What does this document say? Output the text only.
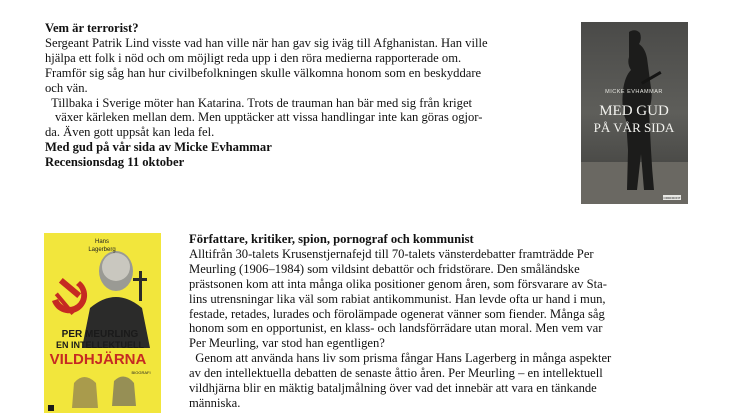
Vem är terrorist?

Sergeant Patrik Lind visste vad han ville när han gav sig iväg till Afghanistan. Han ville

hjälpa ett folk i nöd och om möjligt reda upp i den röra medierna rapporterade om.

Framför sig såg han hur civilbefolkningen skulle välkomna honom som en beskyddare

och vän.

Tillbaka i Sverige möter han Katarina. Trots de trauman han bär med sig från kriget

växer kärleken mellan dem. Men upptäcker att vissa handlingar inte kan göras ogjor-

da. Även gott uppsåt kan leda fel.

Med gud på vår sida av Micke Evhammar

Recensionsdag 11 oktober

MICKE EVHAMMAR
MED GUD
PÅ VÅR SIDA
ORDFRONT
Hans
Lagerberg
PER MEURLING
EN INTELLEKTUELL
VILDHJÄRNA
BIOGRAFI

Författare, kritiker, spion, pornograf och kommunist

Alltifrån 30-talets Krusenstjernafejd till 70-talets vänsterdebatter framträdde Per

Meurling (1906–1984) som vildsint debattör och fridstörare. Den småländske

prästsonen kom att inta många olika positioner genom åren, som försvarare av Sta-

lins utrensningar lika väl som rabiat antikommunist. Han levde ofta ur hand i mun,

festade, retades, lurades och förolämpade ogenerat vänner som fiender. Många såg

honom som en opportunist, en klass- och landsförrädare utan moral. Men vem var

Per Meurling, var stod han egentligen?

Genom att använda hans liv som prisma fångar Hans Lagerberg in många aspekter

av den intellektuella debatten de senaste åttio åren. Per Meurling – en intellektuell

vildhjärna blir en mäktig bataljmålning över vad det innebär att vara en tänkande

människa.
